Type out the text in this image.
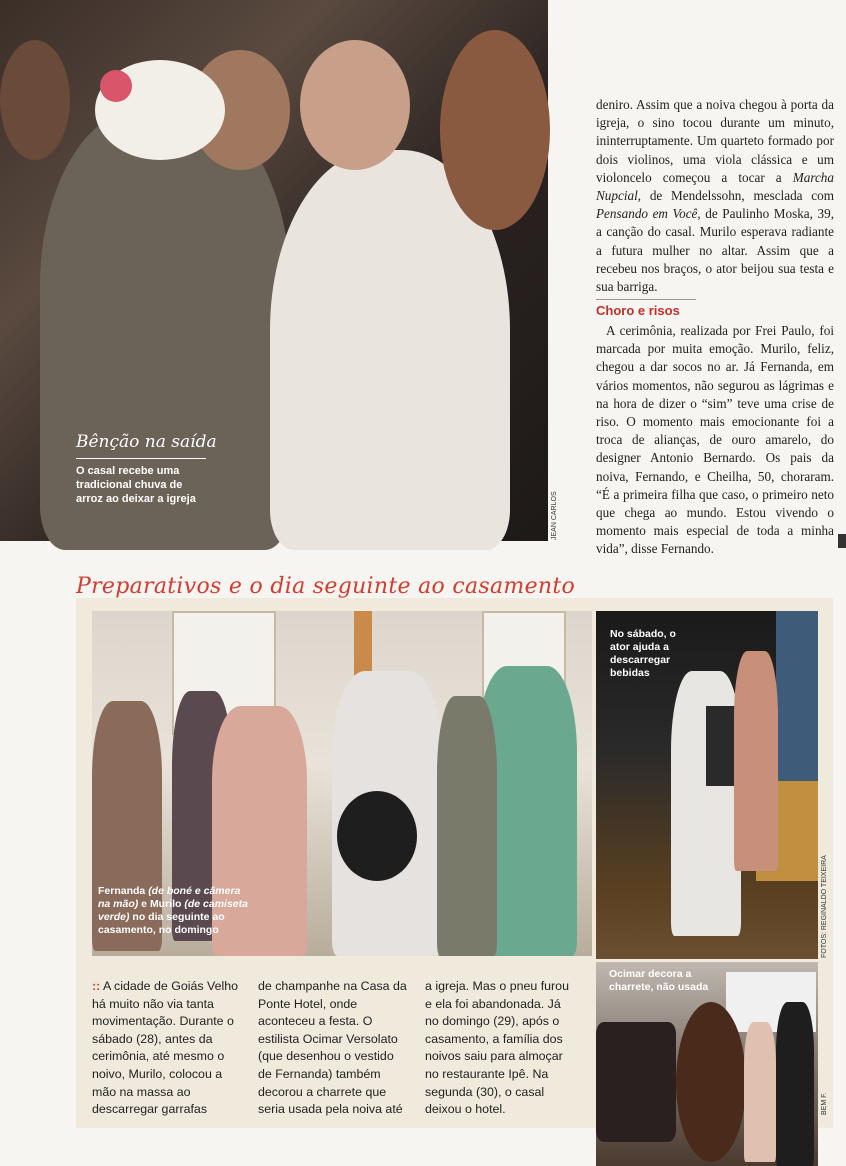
Bênção na saída
O casal recebe uma tradicional chuva de arroz ao deixar a igreja	JEAN CARLOS

deniro. Assim que a noiva chegou à porta da igreja, o sino tocou durante um minuto, ininterruptamente. Um quarteto formado por dois violinos, uma viola clássica e um violoncelo começou a tocar a Marcha Nupcial, de Mendelssohn, mesclada com Pensando em Você, de Paulinho Moska, 39, a canção do casal. Murilo esperava radiante a futura mulher no altar. Assim que a recebeu nos braços, o ator beijou sua testa e sua barriga.

Choro e risos

A cerimônia, realizada por Frei Paulo, foi marcada por muita emoção. Murilo, feliz, chegou a dar socos no ar. Já Fernanda, em vários momentos, não segurou as lágrimas e na hora de dizer o “sim” teve uma crise de riso. O momento mais emocionante foi a troca de alianças, de ouro amarelo, do designer Antonio Bernardo. Os pais da noiva, Fernando, e Cheilha, 50, choraram. “É a primeira filha que caso, o primeiro neto que chega ao mundo. Estou vivendo o momento mais especial de toda a minha vida”, disse Fernando.

Preparativos e o dia seguinte ao casamento
Fernanda (de boné e câmera na mão) e Murilo (de camiseta verde) no dia seguinte ao casamento, no domingo
No sábado, o ator ajuda a descarregar bebidas
FOTOS: REGINALDO TEIXEIRA
Ocimar decora a charrete, não usada
BEM F.
:: A cidade de Goiás Velho há muito não via tanta movimentação. Durante o sábado (28), antes da cerimônia, até mesmo o noivo, Murilo, colocou a mão na massa ao descarregar garrafas
de champanhe na Casa da Ponte Hotel, onde aconteceu a festa. O estilista Ocimar Versolato (que desenhou o vestido de Fernanda) também decorou a charrete que seria usada pela noiva até
a igreja. Mas o pneu furou e ela foi abandonada. Já no domingo (29), após o casamento, a família dos noivos saiu para almoçar no restaurante Ipê. Na segunda (30), o casal deixou o hotel.
